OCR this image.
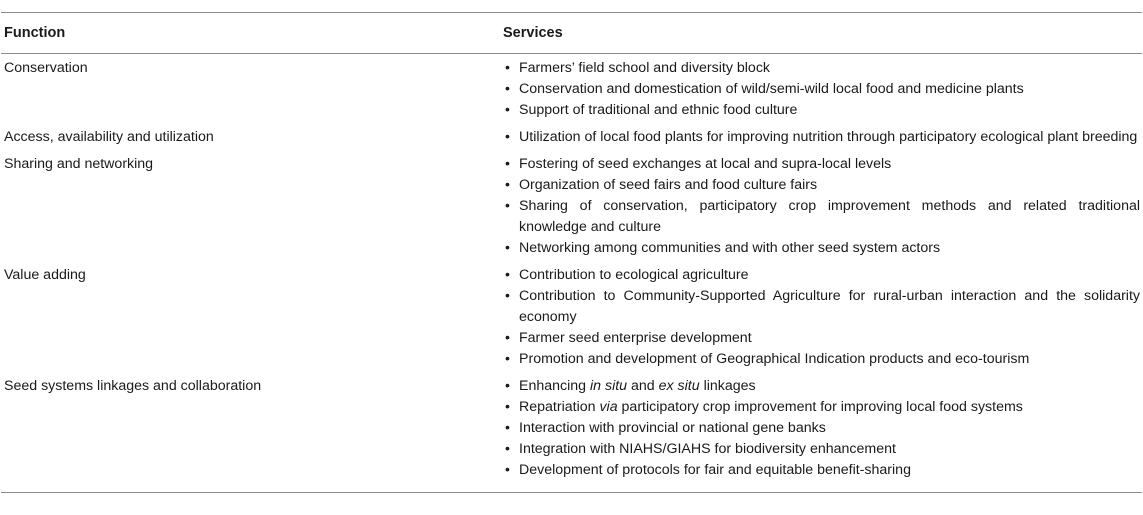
Function	Services
Conservation	• Farmers’ field school and diversity block
• Conservation and domestication of wild/semi-wild local food and medicine plants
• Support of traditional and ethnic food culture
Access, availability and utilization	• Utilization of local food plants for improving nutrition through participatory ecological plant breeding
Sharing and networking	• Fostering of seed exchanges at local and supra-local levels
• Organization of seed fairs and food culture fairs
• Sharing of conservation, participatory crop improvement methods and related traditional knowledge and culture
• Networking among communities and with other seed system actors
Value adding	• Contribution to ecological agriculture
• Contribution to Community-Supported Agriculture for rural-urban interaction and the solidarity economy
• Farmer seed enterprise development
• Promotion and development of Geographical Indication products and eco-tourism
Seed systems linkages and collaboration	• Enhancing in situ and ex situ linkages
• Repatriation via participatory crop improvement for improving local food systems
• Interaction with provincial or national gene banks
• Integration with NIAHS/GIAHS for biodiversity enhancement
• Development of protocols for fair and equitable benefit-sharing
